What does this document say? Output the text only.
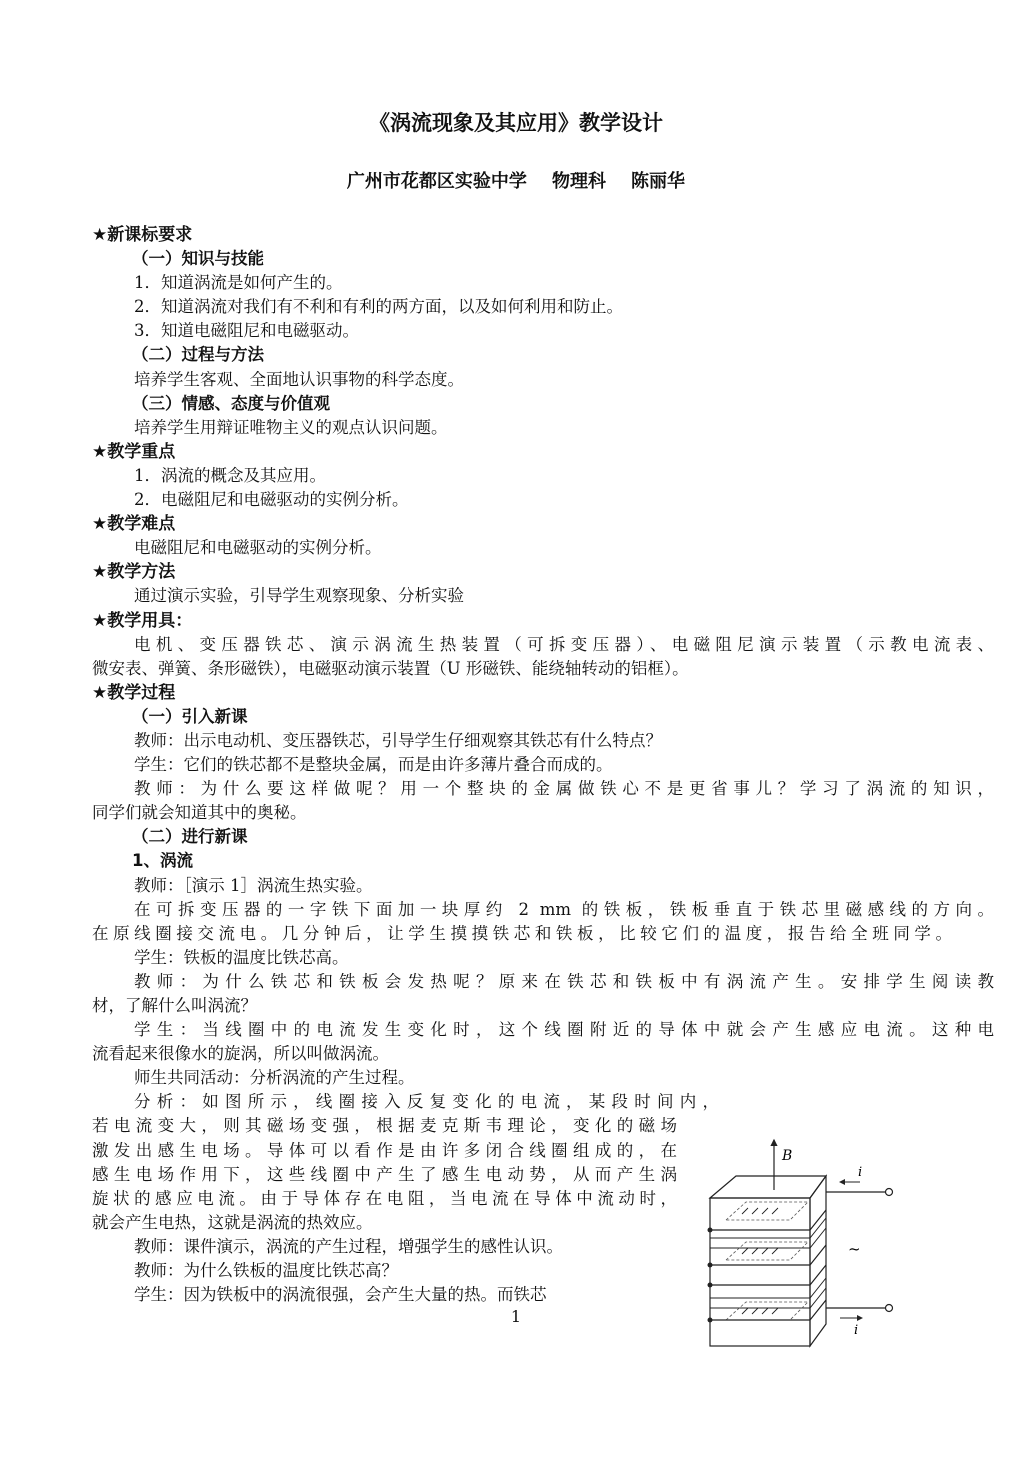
《涡流现象及其应用》教学设计
广州市花都区实验中学    物理科    陈丽华
★新课标要求
（一）知识与技能
1．知道涡流是如何产生的。
2．知道涡流对我们有不利和有利的两方面，以及如何利用和防止。
3．知道电磁阻尼和电磁驱动。
（二）过程与方法
培养学生客观、全面地认识事物的科学态度。
（三）情感、态度与价值观
培养学生用辩证唯物主义的观点认识问题。
★教学重点
1．涡流的概念及其应用。
2．电磁阻尼和电磁驱动的实例分析。
★教学难点
电磁阻尼和电磁驱动的实例分析。
★教学方法
通过演示实验，引导学生观察现象、分析实验
★教学用具：
电机、变压器铁芯、演示涡流生热装置（可拆变压器）、电磁阻尼演示装置（示教电流表、
微安表、弹簧、条形磁铁），电磁驱动演示装置（U 形磁铁、能绕轴转动的铝框）。
★教学过程
（一）引入新课
教师：出示电动机、变压器铁芯，引导学生仔细观察其铁芯有什么特点？
学生：它们的铁芯都不是整块金属，而是由许多薄片叠合而成的。
教师：为什么要这样做呢？用一个整块的金属做铁心不是更省事儿？学习了涡流的知识，
同学们就会知道其中的奥秘。
（二）进行新课
1、涡流
教师：［演示 1］涡流生热实验。
在可拆变压器的一字铁下面加一块厚约 2 mm 的铁板，铁板垂直于铁芯里磁感线的方向。
在原线圈接交流电。几分钟后，让学生摸摸铁芯和铁板，比较它们的温度，报告给全班同学。
学生：铁板的温度比铁芯高。
教师：为什么铁芯和铁板会发热呢？原来在铁芯和铁板中有涡流产生。安排学生阅读教
材，了解什么叫涡流？
学生：当线圈中的电流发生变化时，这个线圈附近的导体中就会产生感应电流。这种电
流看起来很像水的旋涡，所以叫做涡流。
师生共同活动：分析涡流的产生过程。
分析：如图所示，线圈接入反复变化的电流，某段时间内，
若电流变大，则其磁场变强，根据麦克斯韦理论，变化的磁场
激发出感生电场。导体可以看作是由许多闭合线圈组成的，在
感生电场作用下，这些线圈中产生了感生电动势，从而产生涡
旋状的感应电流。由于导体存在电阻，当电流在导体中流动时，
就会产生电热，这就是涡流的热效应。
教师：课件演示，涡流的产生过程，增强学生的感性认识。
教师：为什么铁板的温度比铁芯高？
学生：因为铁板中的涡流很强，会产生大量的热。而铁芯
B
i
~
i
1
